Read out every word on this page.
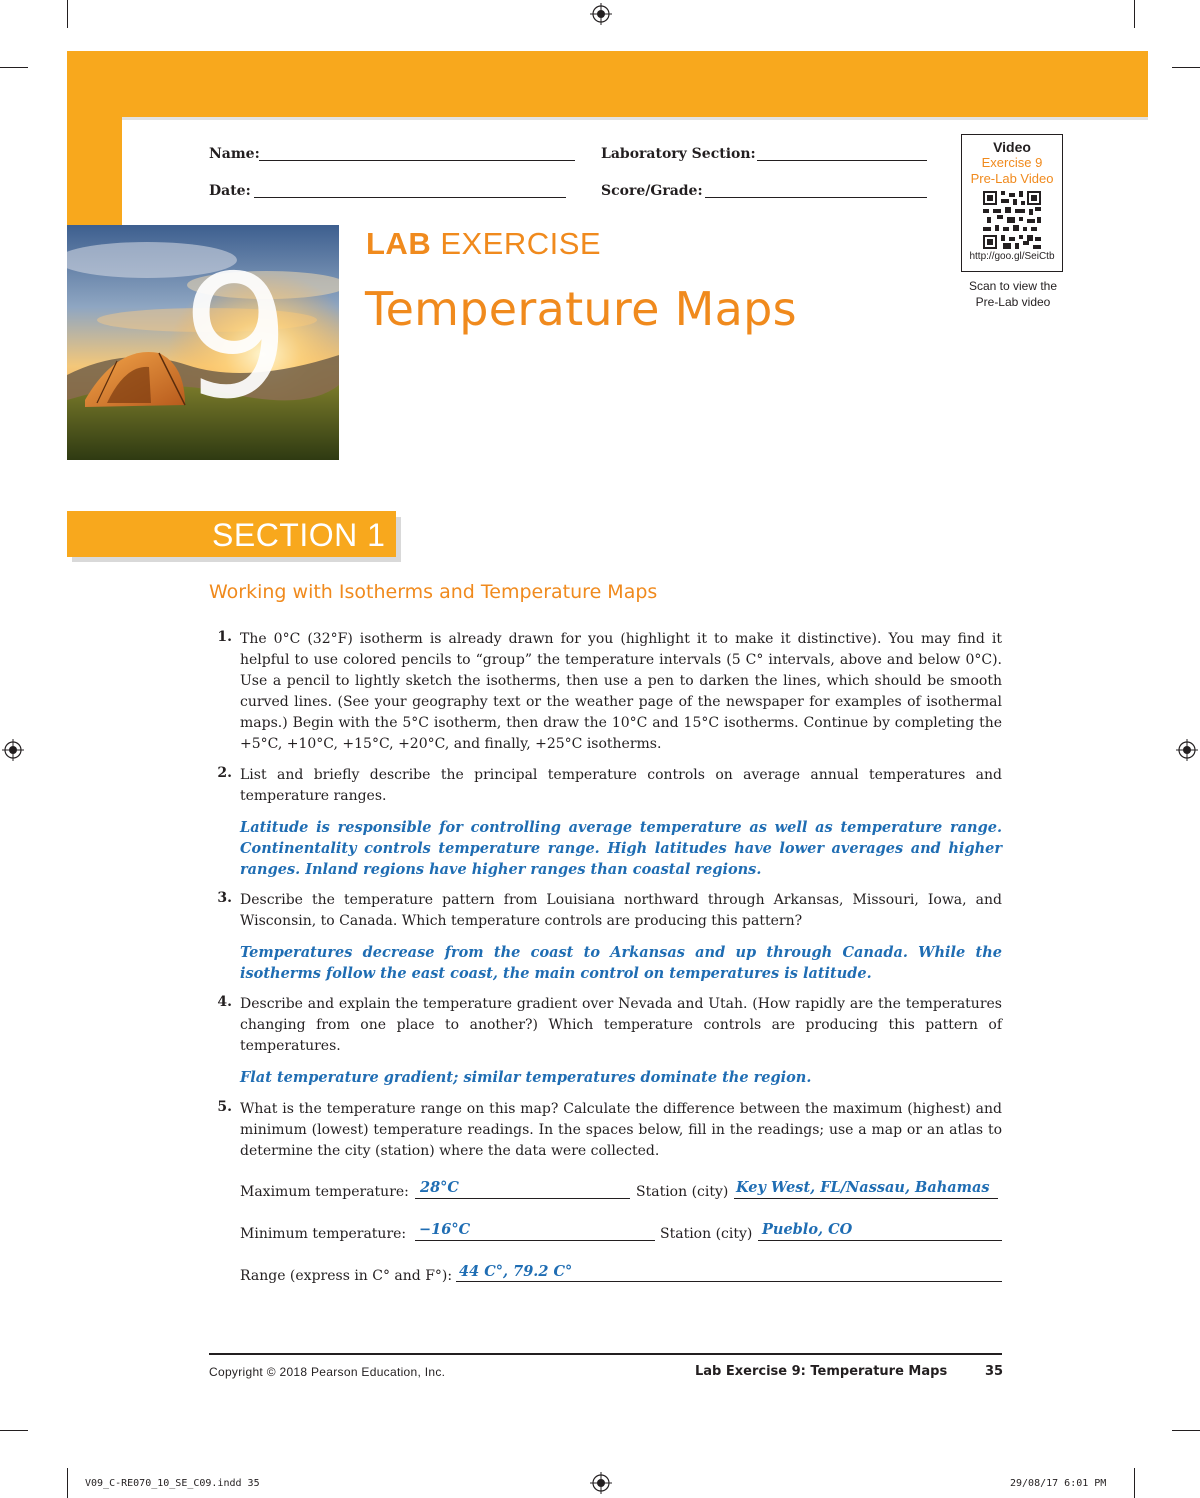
Name:	Laboratory Section:
Date:	Score/Grade:
Video
Exercise 9
Pre-Lab Video
http://goo.gl/SeiCtb
Scan to view the
Pre-Lab video
9 LAB EXERCISE
Temperature Maps
SECTION 1
Working with Isotherms and Temperature Maps
1. The 0°C (32°F) isotherm is already drawn for you (highlight it to make it distinctive). You may find it helpful to use colored pencils to “group” the temperature intervals (5 C° intervals, above and below 0°C). Use a pencil to lightly sketch the isotherms, then use a pen to darken the lines, which should be smooth curved lines. (See your geography text or the weather page of the newspaper for examples of isothermal maps.) Begin with the 5°C isotherm, then draw the 10°C and 15°C isotherms. Continue by completing the +5°C, +10°C, +15°C, +20°C, and finally, +25°C isotherms.
2. List and briefly describe the principal temperature controls on average annual temperatures and temperature ranges.
Latitude is responsible for controlling average temperature as well as temperature range. Continentality controls temperature range. High latitudes have lower averages and higher ranges. Inland regions have higher ranges than coastal regions.
3. Describe the temperature pattern from Louisiana northward through Arkansas, Missouri, Iowa, and Wisconsin, to Canada. Which temperature controls are producing this pattern?
Temperatures decrease from the coast to Arkansas and up through Canada. While the isotherms follow the east coast, the main control on temperatures is latitude.
4. Describe and explain the temperature gradient over Nevada and Utah. (How rapidly are the temperatures changing from one place to another?) Which temperature controls are producing this pattern of temperatures.
Flat temperature gradient; similar temperatures dominate the region.
5. What is the temperature range on this map? Calculate the difference between the maximum (highest) and minimum (lowest) temperature readings. In the spaces below, fill in the readings; use a map or an atlas to determine the city (station) where the data were collected.
Maximum temperature: 28°C	Station (city) Key West, FL/Nassau, Bahamas
Minimum temperature: −16°C	Station (city) Pueblo, CO
Range (express in C° and F°): 44 C°, 79.2 C°
Copyright © 2018 Pearson Education, Inc.	Lab Exercise 9: Temperature Maps	35
V09_C-RE070_10_SE_C09.indd 35	29/08/17 6:01 PM
